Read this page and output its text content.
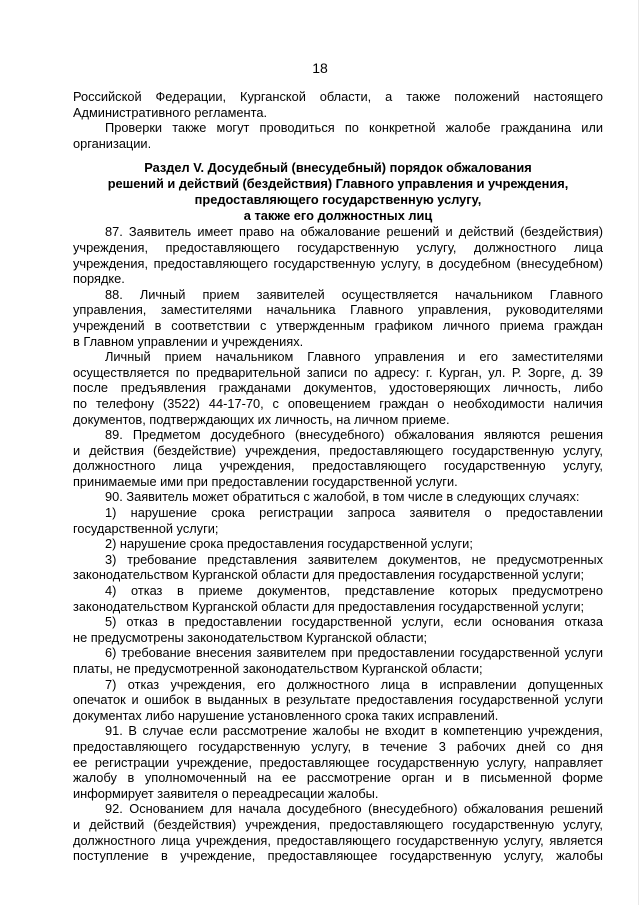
18
Российской Федерации, Курганской области, а также положений настоящего
Административного регламента.
Проверки также могут проводиться по конкретной жалобе гражданина или
организации.
Раздел V. Досудебный (внесудебный) порядок обжалования
решений и действий (бездействия) Главного управления и учреждения,
предоставляющего государственную услугу,
а также его должностных лиц
87. Заявитель имеет право на обжалование решений и действий (бездействия)
учреждения, предоставляющего государственную услугу, должностного лица
учреждения, предоставляющего государственную услугу, в досудебном (внесудебном)
порядке.
88. Личный прием заявителей осуществляется начальником Главного
управления, заместителями начальника Главного управления, руководителями
учреждений в соответствии с утвержденным графиком личного приема граждан
в Главном управлении и учреждениях.
Личный прием начальником Главного управления и его заместителями
осуществляется по предварительной записи по адресу: г. Курган, ул. Р. Зорге, д. 39
после предъявления гражданами документов, удостоверяющих личность, либо
по телефону (3522) 44-17-70, с оповещением граждан о необходимости наличия
документов, подтверждающих их личность, на личном приеме.
89. Предметом досудебного (внесудебного) обжалования являются решения
и действия (бездействие) учреждения, предоставляющего государственную услугу,
должностного лица учреждения, предоставляющего государственную услугу,
принимаемые ими при предоставлении государственной услуги.
90. Заявитель может обратиться с жалобой, в том числе в следующих случаях:
1) нарушение срока регистрации запроса заявителя о предоставлении
государственной услуги;
2) нарушение срока предоставления государственной услуги;
3) требование представления заявителем документов, не предусмотренных
законодательством Курганской области для предоставления государственной услуги;
4) отказ в приеме документов, представление которых предусмотрено
законодательством Курганской области для предоставления государственной услуги;
5) отказ в предоставлении государственной услуги, если основания отказа
не предусмотрены законодательством Курганской области;
6) требование внесения заявителем при предоставлении государственной услуги
платы, не предусмотренной законодательством Курганской области;
7) отказ учреждения, его должностного лица в исправлении допущенных
опечаток и ошибок в выданных в результате предоставления государственной услуги
документах либо нарушение установленного срока таких исправлений.
91. В случае если рассмотрение жалобы не входит в компетенцию учреждения,
предоставляющего государственную услугу, в течение 3 рабочих дней со дня
ее регистрации учреждение, предоставляющее государственную услугу, направляет
жалобу в уполномоченный на ее рассмотрение орган и в письменной форме
информирует заявителя о переадресации жалобы.
92. Основанием для начала досудебного (внесудебного) обжалования решений
и действий (бездействия) учреждения, предоставляющего государственную услугу,
должностного лица учреждения, предоставляющего государственную услугу, является
поступление в учреждение, предоставляющее государственную услугу, жалобы
